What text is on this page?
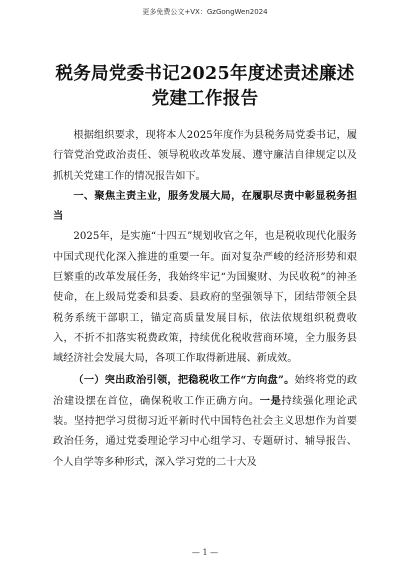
更多免费公文+VX：GzGongWen2024
税务局党委书记2025年度述责述廉述党建工作报告

根据组织要求，现将本人2025年度作为县税务局党委书记，履行管党治党政治责任、领导税收改革发展、遵守廉洁自律规定以及抓机关党建工作的情况报告如下。

一、聚焦主责主业，服务发展大局，在履职尽责中彰显税务担当

2025年，是实施“十四五”规划收官之年，也是税收现代化服务中国式现代化深入推进的重要一年。面对复杂严峻的经济形势和艰巨繁重的改革发展任务，我始终牢记“为国聚财、为民收税”的神圣使命，在上级局党委和县委、县政府的坚强领导下，团结带领全县税务系统干部职工，锚定高质量发展目标，依法依规组织税费收入，不折不扣落实税费政策，持续优化税收营商环境，全力服务县域经济社会发展大局，各项工作取得新进展、新成效。

（一）突出政治引领，把稳税收工作“方向盘”。始终将党的政治建设摆在首位，确保税收工作正确方向。一是持续强化理论武装。坚持把学习贯彻习近平新时代中国特色社会主义思想作为首要政治任务，通过党委理论学习中心组学习、专题研讨、辅导报告、个人自学等多种形式，深入学习党的二十大及

— 1 —
